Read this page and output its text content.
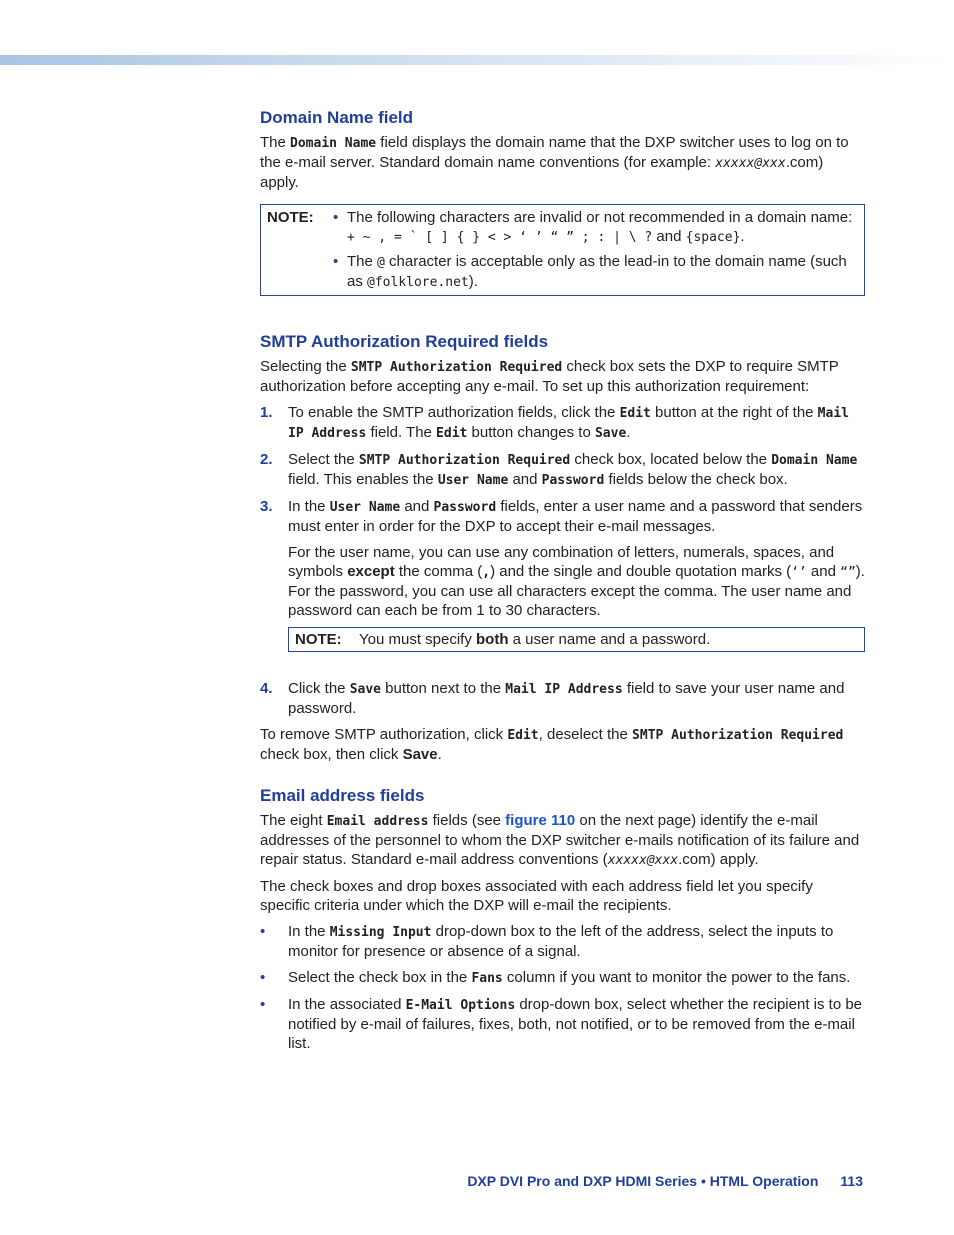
Domain Name field

The Domain Name field displays the domain name that the DXP switcher uses to log on to the e-mail server. Standard domain name conventions (for example: xxxxx@xxx.com) apply.

NOTE:	• The following characters are invalid or not recommended in a domain name:
+ ~ , = ` [ ] { } < > ‘ ’ “ ” ; : | \ ? and {space}.
• The @ character is acceptable only as the lead-in to the domain name (such as @folklore.net).
SMTP Authorization Required fields

Selecting the SMTP Authorization Required check box sets the DXP to require SMTP authorization before accepting any e-mail. To set up this authorization requirement:

1.	To enable the SMTP authorization fields, click the Edit button at the right of the Mail IP Address field. The Edit button changes to Save.
2.	Select the SMTP Authorization Required check box, located below the Domain Name field. This enables the User Name and Password fields below the check box.
3.	In the User Name and Password fields, enter a user name and a password that senders must enter in order for the DXP to accept their e-mail messages.

For the user name, you can use any combination of letters, numerals, spaces, and symbols except the comma (,) and the single and double quotation marks (‘’ and “”). For the password, you can use all characters except the comma. The user name and password can each be from 1 to 30 characters.

NOTE:	You must specify both a user name and a password.
4.	Click the Save button next to the Mail IP Address field to save your user name and password.

To remove SMTP authorization, click Edit, deselect the SMTP Authorization Required check box, then click Save.

Email address fields

The eight Email address fields (see figure 110 on the next page) identify the e-mail addresses of the personnel to whom the DXP switcher e-mails notification of its failure and repair status. Standard e-mail address conventions (xxxxx@xxx.com) apply.

The check boxes and drop boxes associated with each address field let you specify specific criteria under which the DXP will e-mail the recipients.

•	In the Missing Input drop-down box to the left of the address, select the inputs to monitor for presence or absence of a signal.
•	Select the check box in the Fans column if you want to monitor the power to the fans.
•	In the associated E-Mail Options drop-down box, select whether the recipient is to be notified by e-mail of failures, fixes, both, not notified, or to be removed from the e-mail list.
DXP DVI Pro and DXP HDMI Series • HTML Operation 113
